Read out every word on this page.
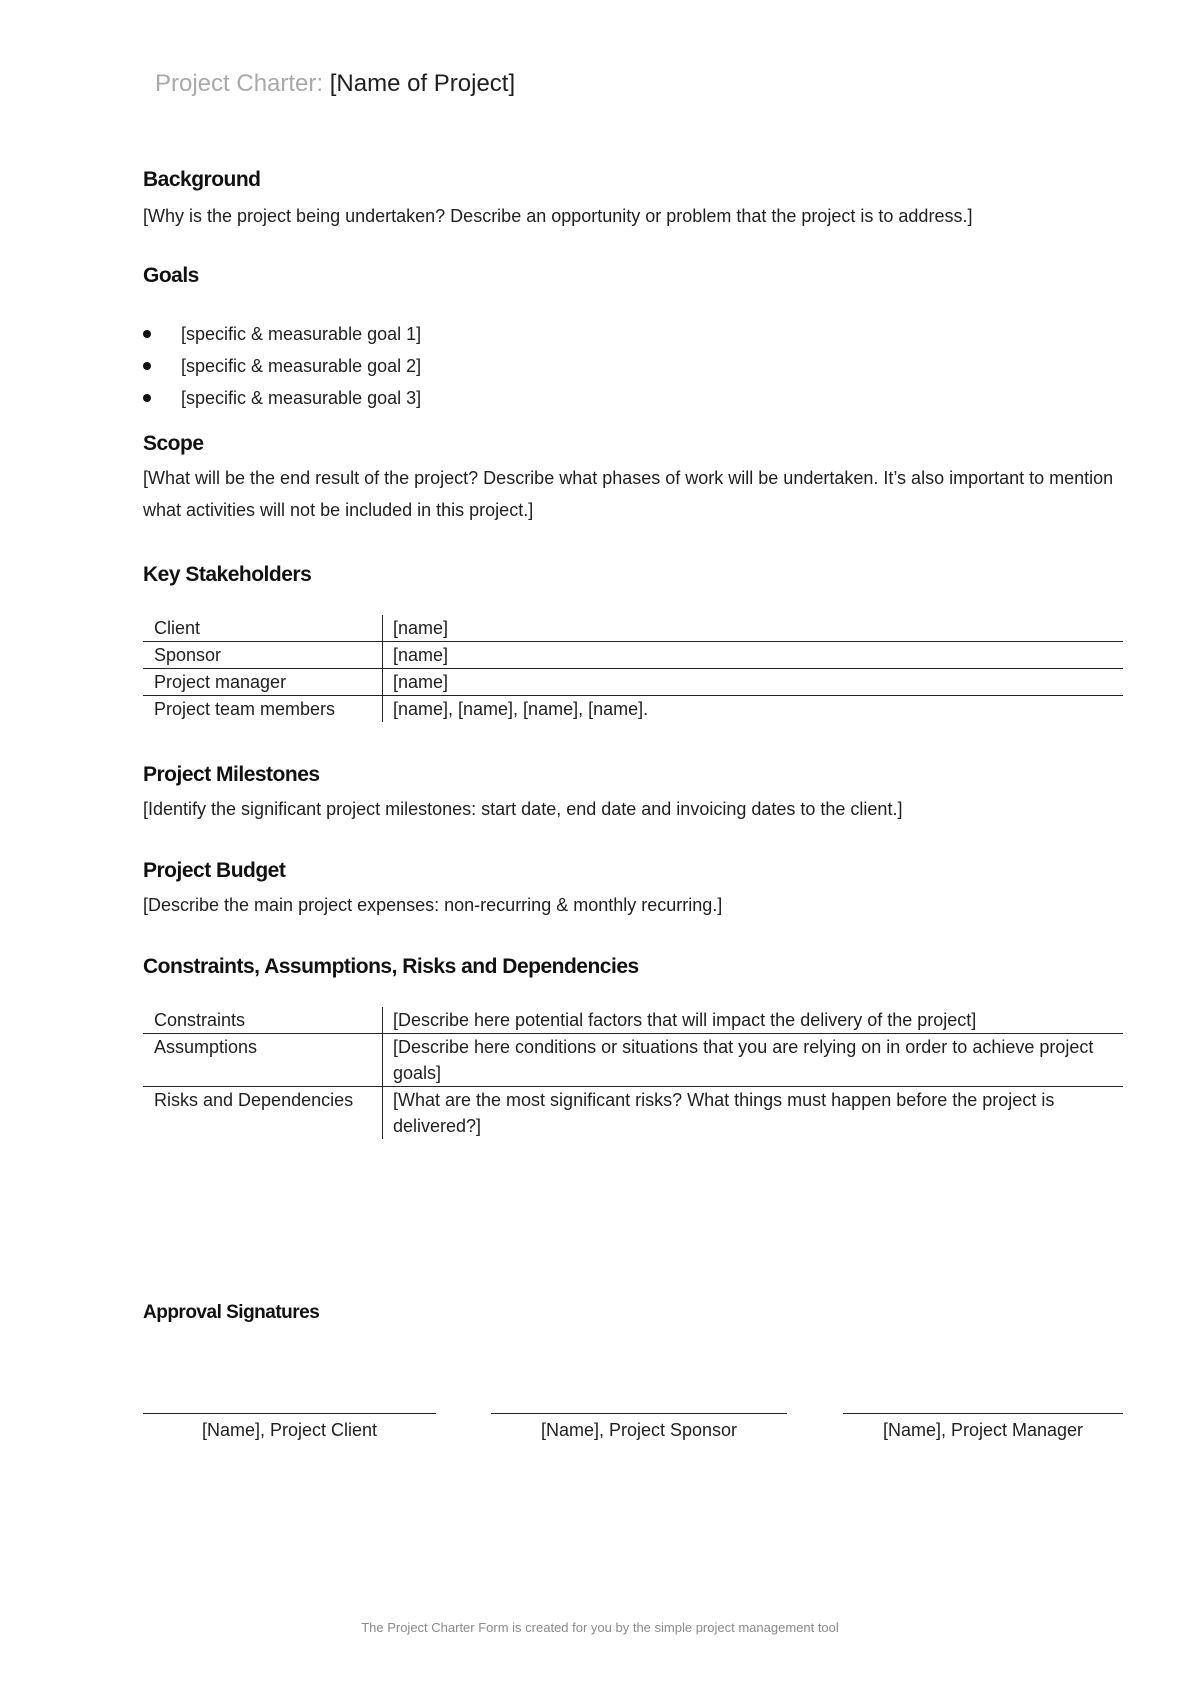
Project Charter: [Name of Project]
Background
[Why is the project being undertaken? Describe an opportunity or problem that the project is to address.]
Goals
[specific & measurable goal 1]
[specific & measurable goal 2]
[specific & measurable goal 3]
Scope
[What will be the end result of the project? Describe what phases of work will be undertaken. It’s also important to mention what activities will not be included in this project.]
Key Stakeholders
Client	[name]
Sponsor	[name]
Project manager	[name]
Project team members	[name], [name], [name], [name].
Project Milestones
[Identify the significant project milestones: start date, end date and invoicing dates to the client.]
Project Budget
[Describe the main project expenses: non-recurring & monthly recurring.]
Constraints, Assumptions, Risks and Dependencies
Constraints	[Describe here potential factors that will impact the delivery of the project]
Assumptions	[Describe here conditions or situations that you are relying on in order to achieve project goals]
Risks and Dependencies	[What are the most significant risks? What things must happen before the project is delivered?]
Approval Signatures
[Name], Project Client	[Name], Project Sponsor	[Name], Project Manager
The Project Charter Form is created for you by the simple project management tool
